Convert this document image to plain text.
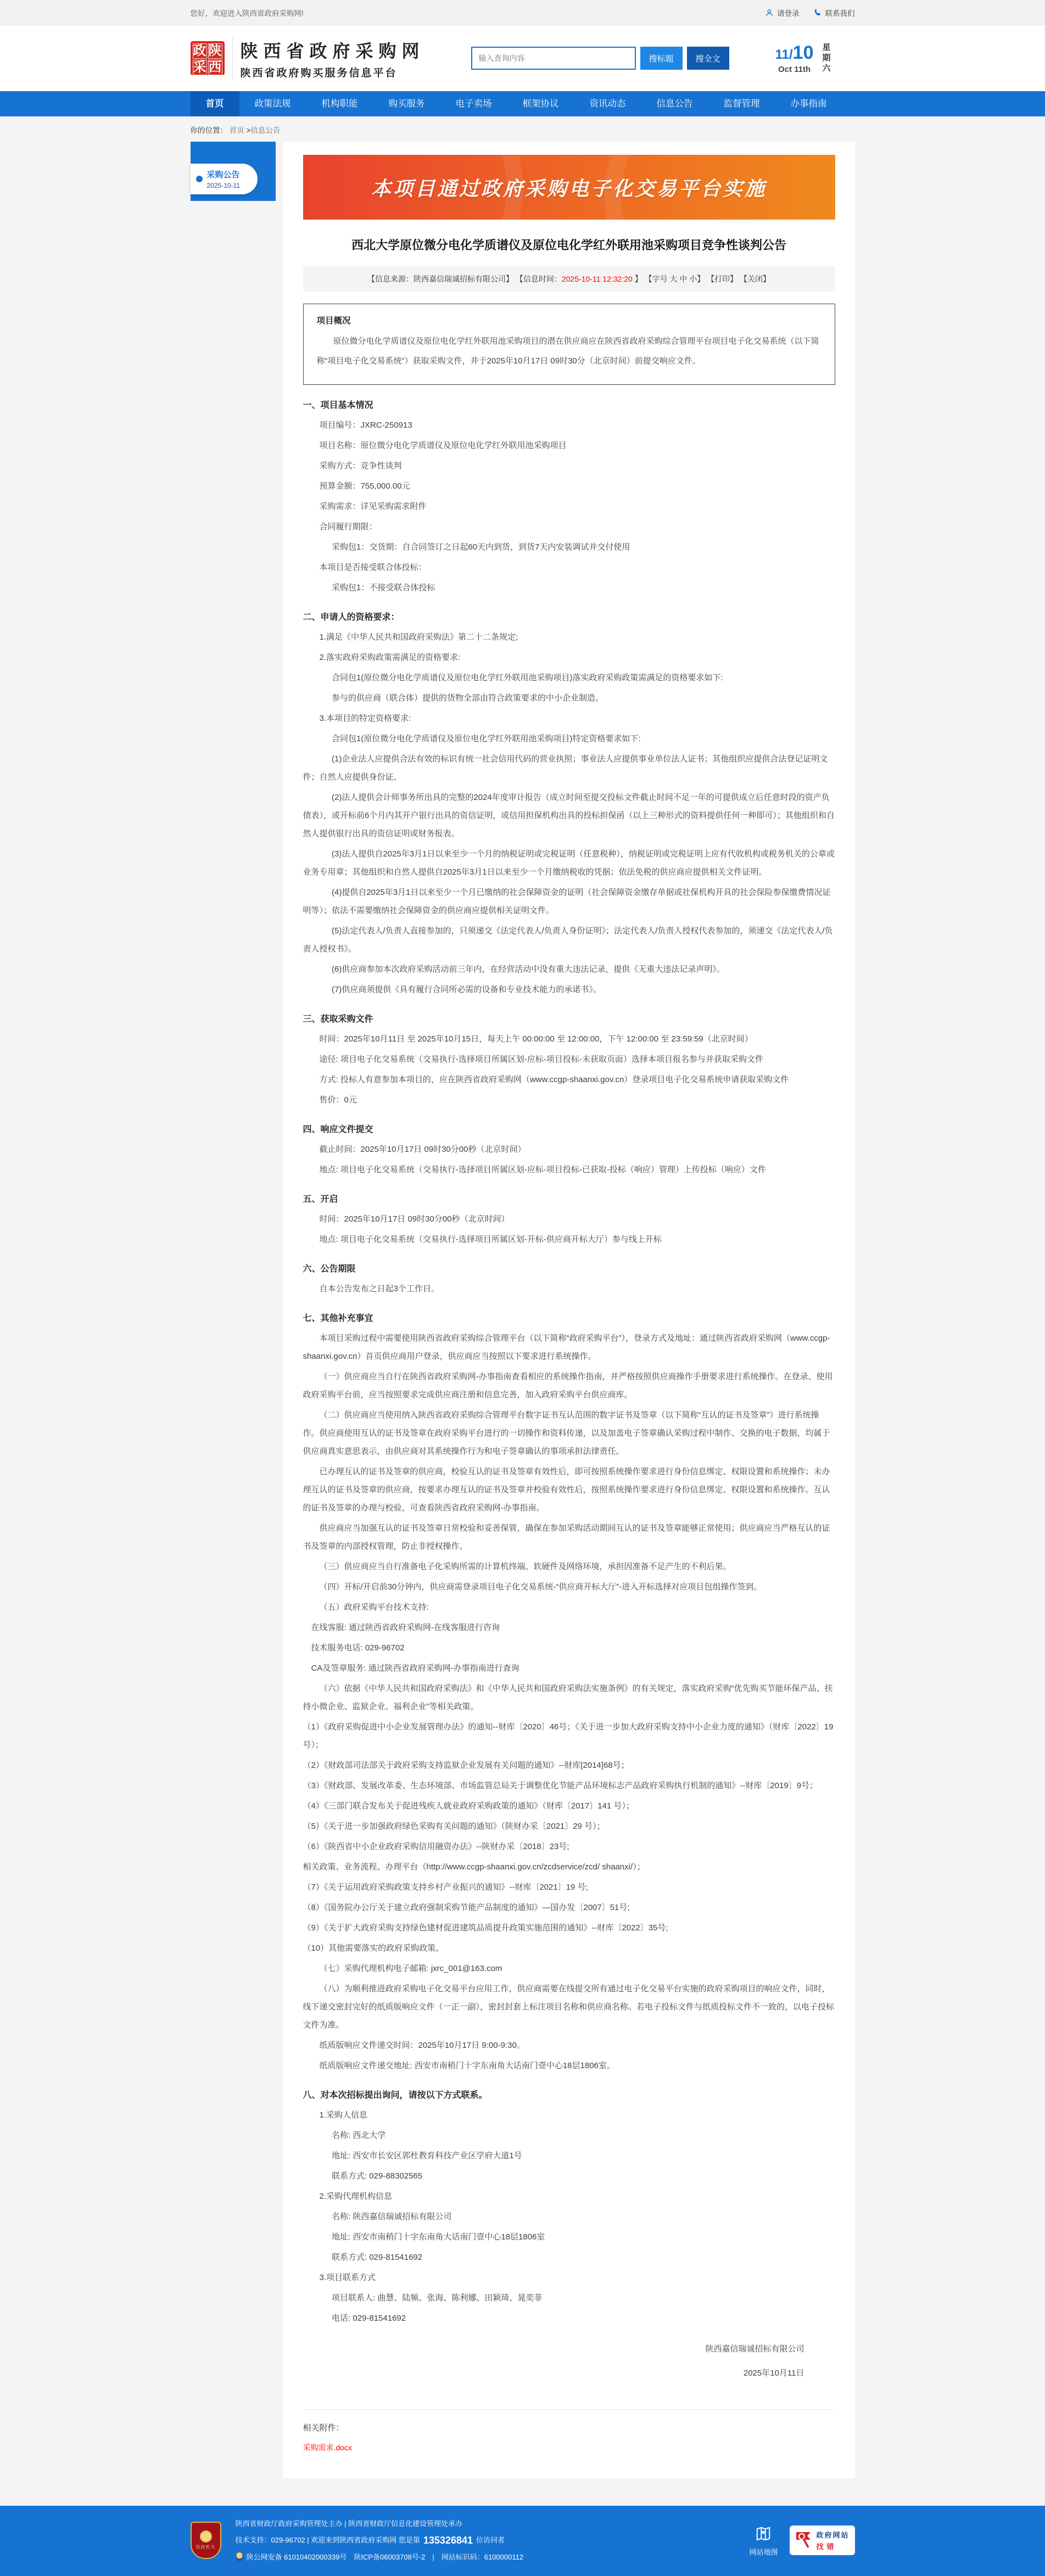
您好，欢迎进入陕西省政府采购网!	请登录	联系我们
政 陕
采 西
陕西省政府采购网
陕西省政府购买服务信息平台
输入查询内容
搜标题	搜全文	11/10
Oct 11th	星期六
首页	政策法规	机构职能	购买服务	电子卖场	框架协议	资讯动态	信息公告	监督管理	办事指南
你的位置： 首页 >信息公告
采购公告
2025-10-11	本项目通过政府采购电子化交易平台实施
西北大学原位微分电化学质谱仪及原位电化学红外联用池采购项目竞争性谈判公告
【信息来源：陕西嘉信瑞诚招标有限公司】 【信息时间：2025-10-11 12:32:20 】 【字号 大 中 小】 【打印】 【关闭】
项目概况

原位微分电化学质谱仪及原位电化学红外联用池采购项目的潜在供应商应在陕西省政府采购综合管理平台项目电子化交易系统（以下简称“项目电子化交易系统”）获取采购文件，并于2025年10月17日 09时30分（北京时间）前提交响应文件。

一、项目基本情况

项目编号：JXRC-250913

项目名称：原位微分电化学质谱仪及原位电化学红外联用池采购项目

采购方式：竞争性谈判

预算金额：755,000.00元

采购需求：详见采购需求附件

合同履行期限：

采购包1：交货期：自合同签订之日起60天内到货，到货7天内安装调试并交付使用

本项目是否接受联合体投标：

采购包1：不接受联合体投标

二、申请人的资格要求：

1.满足《中华人民共和国政府采购法》第二十二条规定;

2.落实政府采购政策需满足的资格要求:

合同包1(原位微分电化学质谱仪及原位电化学红外联用池采购项目)落实政府采购政策需满足的资格要求如下:

参与的供应商（联合体）提供的货物全部由符合政策要求的中小企业制造。

3.本项目的特定资格要求:

合同包1(原位微分电化学质谱仪及原位电化学红外联用池采购项目)特定资格要求如下:

(1)企业法人应提供合法有效的标识有统一社会信用代码的营业执照；事业法人应提供事业单位法人证书；其他组织应提供合法登记证明文件；自然人应提供身份证。

(2)法人提供会计师事务所出具的完整的2024年度审计报告（成立时间至提交投标文件截止时间不足一年的可提供成立后任意时段的资产负债表），或开标前6个月内其开户银行出具的资信证明，或信用担保机构出具的投标担保函（以上三种形式的资料提供任何一种即可）；其他组织和自然人提供银行出具的资信证明或财务报表。

(3)法人提供自2025年3月1日以来至少一个月的纳税证明或完税证明（任意税种），纳税证明或完税证明上应有代收机构或税务机关的公章或业务专用章；其他组织和自然人提供自2025年3月1日以来至少一个月缴纳税收的凭据；依法免税的供应商应提供相关文件证明。

(4)提供自2025年3月1日以来至少一个月已缴纳的社会保障资金的证明（社会保障资金缴存单据或社保机构开具的社会保险参保缴费情况证明等）；依法不需要缴纳社会保障资金的供应商应提供相关证明文件。

(5)法定代表人/负责人直接参加的，只须递交《法定代表人/负责人身份证明》；法定代表人/负责人授权代表参加的，须递交《法定代表人/负责人授权书》。

(6)供应商参加本次政府采购活动前三年内，在经营活动中没有重大违法记录，提供《无重大违法记录声明》。

(7)供应商须提供《具有履行合同所必需的设备和专业技术能力的承诺书》。

三、获取采购文件

时间：2025年10月11日 至 2025年10月15日，每天上午 00:00:00 至 12:00:00，下午 12:00:00 至 23:59:59（北京时间）

途径: 项目电子化交易系统（交易执行-选择项目所属区划-应标-项目投标-未获取页面）选择本项目报名参与并获取采购文件

方式: 投标人有意参加本项目的，应在陕西省政府采购网（www.ccgp-shaanxi.gov.cn）登录项目电子化交易系统申请获取采购文件

售价：0元

四、响应文件提交

截止时间：2025年10月17日 09时30分00秒（北京时间）

地点: 项目电子化交易系统（交易执行-选择项目所属区划-应标-项目投标-已获取-投标（响应）管理）上传投标（响应）文件

五、开启

时间：2025年10月17日 09时30分00秒（北京时间）

地点: 项目电子化交易系统（交易执行-选择项目所属区划-开标-供应商开标大厅）参与线上开标

六、公告期限

自本公告发布之日起3个工作日。

七、其他补充事宜

本项目采购过程中需要使用陕西省政府采购综合管理平台（以下简称“政府采购平台”），登录方式及地址：通过陕西省政府采购网（www.ccgp-shaanxi.gov.cn）首页供应商用户登录，供应商应当按照以下要求进行系统操作。

（一）供应商应当自行在陕西省政府采购网-办事指南查看相应的系统操作指南，并严格按照供应商操作手册要求进行系统操作。在登录、使用政府采购平台前，应当按照要求完成供应商注册和信息完善，加入政府采购平台供应商库。

（二）供应商应当使用纳入陕西省政府采购综合管理平台数字证书互认范围的数字证书及签章（以下简称“互认的证书及签章”）进行系统操作。供应商使用互认的证书及签章在政府采购平台进行的一切操作和资料传递，以及加盖电子签章确认采购过程中制作、交换的电子数据，均属于供应商真实意思表示，由供应商对其系统操作行为和电子签章确认的事项承担法律责任。

已办理互认的证书及签章的供应商，校验互认的证书及签章有效性后，即可按照系统操作要求进行身份信息绑定、权限设置和系统操作；未办理互认的证书及签章的供应商，按要求办理互认的证书及签章并校验有效性后，按照系统操作要求进行身份信息绑定、权限设置和系统操作。互认的证书及签章的办理与校验，可查看陕西省政府采购网-办事指南。

供应商应当加强互认的证书及签章日常校验和妥善保管，确保在参加采购活动期间互认的证书及签章能够正常使用；供应商应当严格互认的证书及签章的内部授权管理，防止非授权操作。

（三）供应商应当自行准备电子化采购所需的计算机终端、软硬件及网络环境，承担因准备不足产生的不利后果。

（四）开标/开启前30分钟内，供应商需登录项目电子化交易系统-“供应商开标大厅”-进入开标选择对应项目包组操作签到。

（五）政府采购平台技术支持:

在线客服: 通过陕西省政府采购网-在线客服进行咨询

技术服务电话: 029-96702

CA及签章服务: 通过陕西省政府采购网-办事指南进行查询

（六）依据《中华人民共和国政府采购法》和《中华人民共和国政府采购法实施条例》的有关规定，落实政府采购“优先购买节能环保产品、扶持小微企业、监狱企业、福利企业”等相关政策。

（1）《政府采购促进中小企业发展管理办法》的通知--财库〔2020〕46号；《关于进一步加大政府采购支持中小企业力度的通知》（财库〔2022〕19号）；

（2）《财政部司法部关于政府采购支持监狱企业发展有关问题的通知》--财库[2014]68号；

（3）《财政部、发展改革委、生态环境部、市场监管总局关于调整优化节能产品环境标志产品政府采购执行机制的通知》--财库〔2019〕9号；

（4）《三部门联合发布关于促进残疾人就业政府采购政策的通知》（财库〔2017〕141 号）；

（5）《关于进一步加强政府绿色采购有关问题的通知》（陕财办采〔2021〕29 号）；

（6）《陕西省中小企业政府采购信用融资办法》--陕财办采〔2018〕23号;

相关政策、业务流程、办理平台（http://www.ccgp-shaanxi.gov.cn/zcdservice/zcd/ shaanxi/）；

（7）《关于运用政府采购政策支持乡村产业振兴的通知》--财库〔2021〕19 号;

（8）《国务院办公厅关于建立政府强制采购节能产品制度的通知》—国办发〔2007〕51号;

（9）《关于扩大政府采购支持绿色建材促进建筑品质提升政策实施范围的通知》--财库〔2022〕35号;

（10）其他需要落实的政府采购政策。

（七）采购代理机构电子邮箱: jxrc_001@163.com

（八）为顺利推进政府采购电子化交易平台应用工作，供应商需要在线提交所有通过电子化交易平台实施的政府采购项目的响应文件，同时，线下递交密封完好的纸质版响应文件（一正一副），密封封套上标注项目名称和供应商名称。若电子投标文件与纸质投标文件不一致的，以电子投标文件为准。

纸质版响应文件递交时间：2025年10月17日 9:00-9:30。

纸质版响应文件递交地址: 西安市南稍门十字东南角大话南门壹中心18层1806室。

八、对本次招标提出询问，请按以下方式联系。

1.采购人信息

名称: 西北大学

地址: 西安市长安区郭杜教育科技产业区学府大道1号

联系方式: 029-88302565

2.采购代理机构信息

名称: 陕西嘉信瑞诚招标有限公司

地址: 西安市南稍门十字东南角大话南门壹中心18层1806室

联系方式: 029-81541692

3.项目联系方式

项目联系人: 曲慧、陆频、张海、陈利娜、田颖琦、晁奕菲

电话: 029-81541692

陕西嘉信瑞诚招标有限公司
2025年10月11日
相关附件：
采购需求.docx
党政机关
陕西省财政厅政府采购管理处主办 | 陕西省财政厅信息化建设管理处承办
技术支持：029-96702 | 欢迎来到陕西省政府采购网 您是第 135326841 位访问者
陕公网安备 61010402000339号　陕ICP备06003708号-2　|　网站标识码：6100000112
网站地图
政府网站
找错
